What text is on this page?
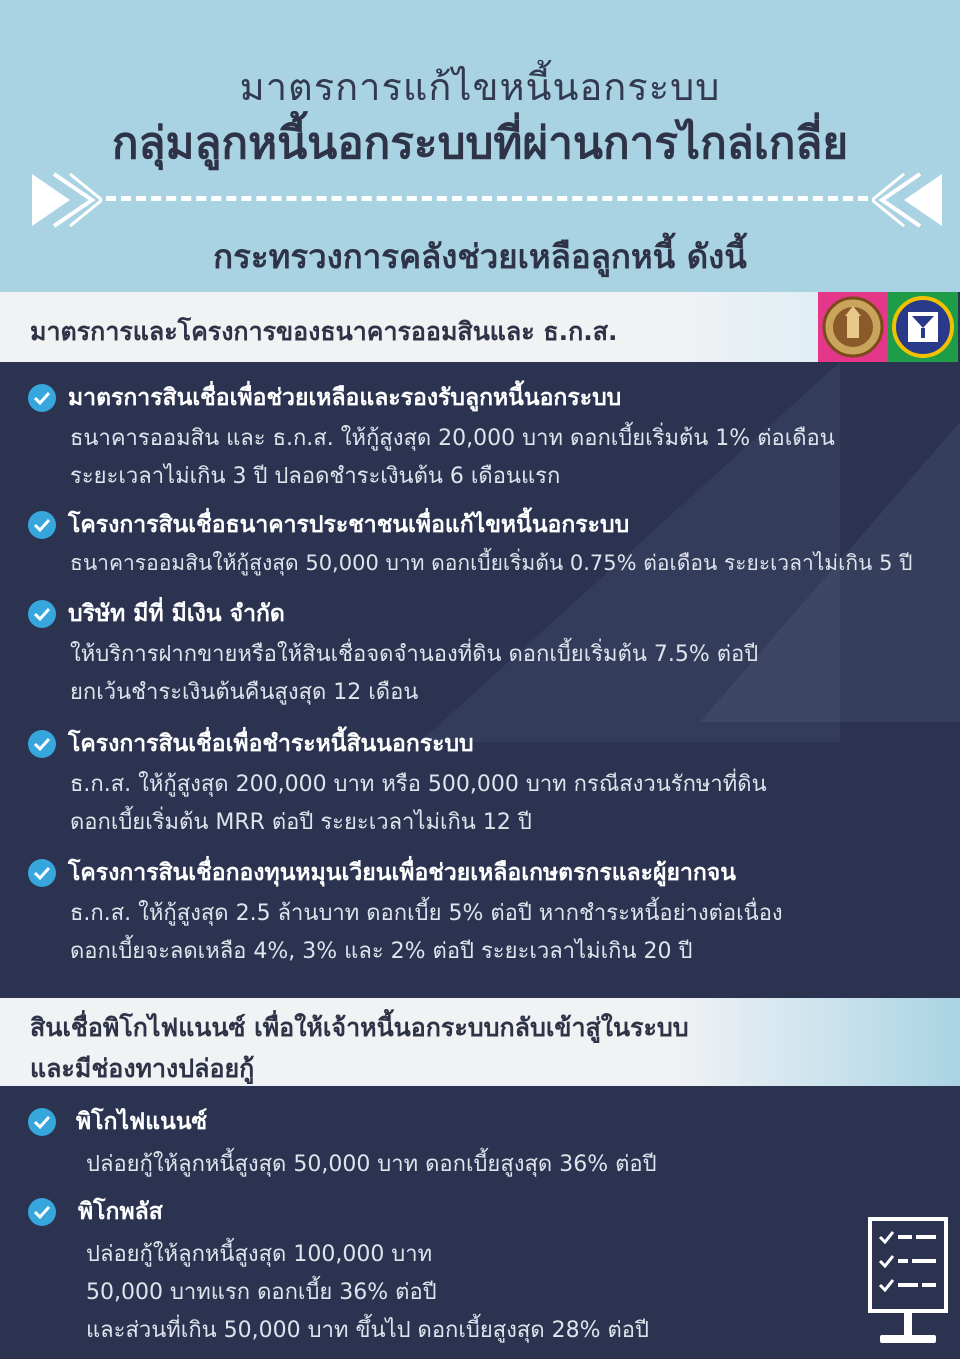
มาตรการแก้ไขหนี้นอกระบบ
กลุ่มลูกหนี้นอกระบบที่ผ่านการไกล่เกลี่ย
กระทรวงการคลังช่วยเหลือลูกหนี้ ดังนี้
มาตรการและโครงการของธนาคารออมสินและ ธ.ก.ส.
มาตรการสินเชื่อเพื่อช่วยเหลือและรองรับลูกหนี้นอกระบบ
ธนาคารออมสิน และ ธ.ก.ส. ให้กู้สูงสุด 20,000 บาท ดอกเบี้ยเริ่มต้น 1% ต่อเดือน
ระยะเวลาไม่เกิน 3 ปี ปลอดชำระเงินต้น 6 เดือนแรก
โครงการสินเชื่อธนาคารประชาชนเพื่อแก้ไขหนี้นอกระบบ
ธนาคารออมสินให้กู้สูงสุด 50,000 บาท ดอกเบี้ยเริ่มต้น 0.75% ต่อเดือน ระยะเวลาไม่เกิน 5 ปี
บริษัท มีที่ มีเงิน จำกัด
ให้บริการฝากขายหรือให้สินเชื่อจดจำนองที่ดิน ดอกเบี้ยเริ่มต้น 7.5% ต่อปี
ยกเว้นชำระเงินต้นคืนสูงสุด 12 เดือน
โครงการสินเชื่อเพื่อชำระหนี้สินนอกระบบ
ธ.ก.ส. ให้กู้สูงสุด 200,000 บาท หรือ 500,000 บาท กรณีสงวนรักษาที่ดิน
ดอกเบี้ยเริ่มต้น MRR ต่อปี ระยะเวลาไม่เกิน 12 ปี
โครงการสินเชื่อกองทุนหมุนเวียนเพื่อช่วยเหลือเกษตรกรและผู้ยากจน
ธ.ก.ส. ให้กู้สูงสุด 2.5 ล้านบาท ดอกเบี้ย 5% ต่อปี หากชำระหนี้อย่างต่อเนื่อง
ดอกเบี้ยจะลดเหลือ 4%, 3% และ 2% ต่อปี ระยะเวลาไม่เกิน 20 ปี
สินเชื่อพิโกไฟแนนซ์ เพื่อให้เจ้าหนี้นอกระบบกลับเข้าสู่ในระบบ
และมีช่องทางปล่อยกู้
พิโกไฟแนนซ์
ปล่อยกู้ให้ลูกหนี้สูงสุด 50,000 บาท ดอกเบี้ยสูงสุด 36% ต่อปี
พิโกพลัส
ปล่อยกู้ให้ลูกหนี้สูงสุด 100,000 บาท
50,000 บาทแรก ดอกเบี้ย 36% ต่อปี
และส่วนที่เกิน 50,000 บาท ขึ้นไป ดอกเบี้ยสูงสุด 28% ต่อปี
